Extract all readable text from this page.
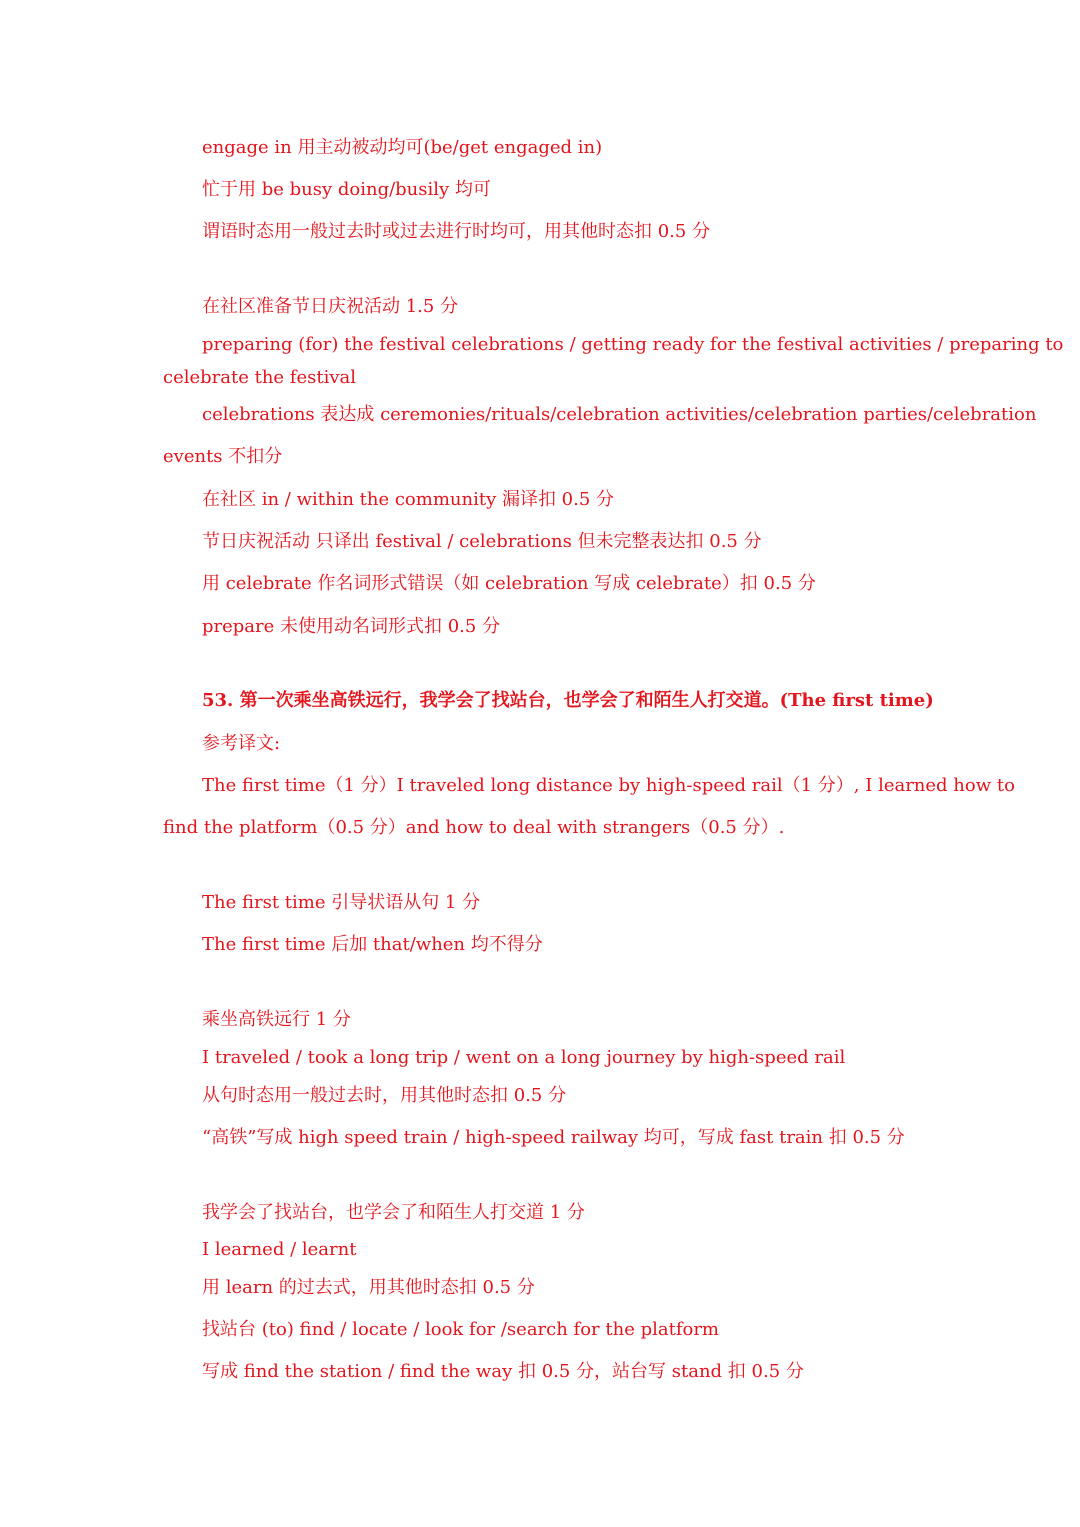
engage in 用主动被动均可(be/get engaged in)
忙于用 be busy doing/busily 均可
谓语时态用一般过去时或过去进行时均可，用其他时态扣 0.5 分
在社区准备节日庆祝活动 1.5 分
preparing (for) the festival celebrations / getting ready for the festival activities / preparing to
celebrate the festival
celebrations 表达成 ceremonies/rituals/celebration activities/celebration parties/celebration
events 不扣分
在社区 in / within the community 漏译扣 0.5 分
节日庆祝活动 只译出 festival / celebrations 但未完整表达扣 0.5 分
用 celebrate 作名词形式错误（如 celebration 写成 celebrate）扣 0.5 分
prepare 未使用动名词形式扣 0.5 分
53. 第一次乘坐高铁远行，我学会了找站台，也学会了和陌生人打交道。(The first time)
参考译文:
The first time（1 分）I traveled long distance by high-speed rail（1 分）, I learned how to
find the platform（0.5 分）and how to deal with strangers（0.5 分）.
The first time 引导状语从句 1 分
The first time 后加 that/when 均不得分
乘坐高铁远行 1 分
I traveled / took a long trip / went on a long journey by high-speed rail
从句时态用一般过去时，用其他时态扣 0.5 分
“高铁”写成 high speed train / high-speed railway 均可，写成 fast train 扣 0.5 分
我学会了找站台，也学会了和陌生人打交道 1 分
I learned / learnt
用 learn 的过去式，用其他时态扣 0.5 分
找站台 (to) find / locate / look for /search for the platform
写成 find the station / find the way 扣 0.5 分，站台写 stand 扣 0.5 分
